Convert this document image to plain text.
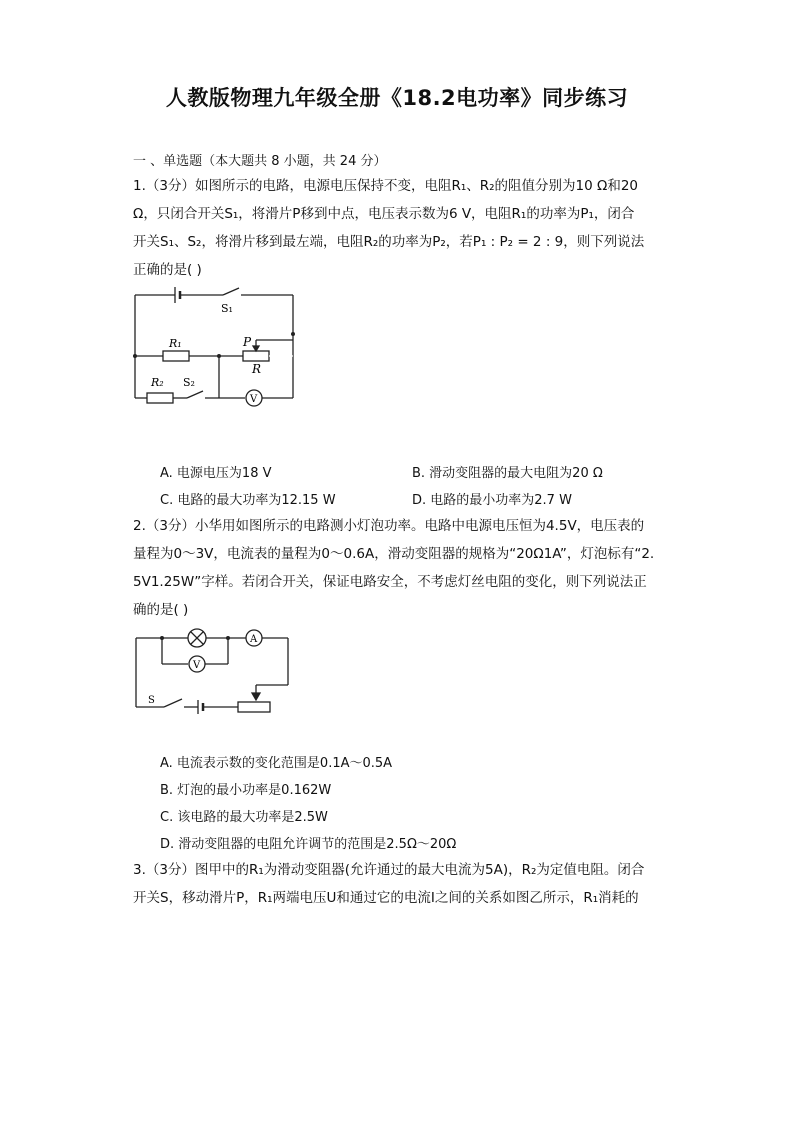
人教版物理九年级全册《18.2电功率》同步练习
一 、单选题（本大题共 8 小题，共 24 分）
1.（3分）如图所示的电路，电源电压保持不变，电阻R₁、R₂的阻值分别为10 Ω和20
Ω，只闭合开关S₁，将滑片P移到中点，电压表示数为6 V，电阻R₁的功率为P₁，闭合
开关S₁、S₂，将滑片移到最左端，电阻R₂的功率为P₂，若P₁ : P₂ = 2 : 9，则下列说法
正确的是( )
S₁
R₁	P
R
R₂ S₂
V
A. 电源电压为18 V	B. 滑动变阻器的最大电阻为20 Ω
C. 电路的最大功率为12.15 W	D. 电路的最小功率为2.7 W
2.（3分）小华用如图所示的电路测小灯泡功率。电路中电源电压恒为4.5V，电压表的
量程为0～3V，电流表的量程为0～0.6A，滑动变阻器的规格为“20Ω1A”，灯泡标有“2.
5V1.25W”字样。若闭合开关，保证电路安全，不考虑灯丝电阻的变化，则下列说法正
确的是( )
A
V
S
A. 电流表示数的变化范围是0.1A～0.5A
B. 灯泡的最小功率是0.162W
C. 该电路的最大功率是2.5W
D. 滑动变阻器的电阻允许调节的范围是2.5Ω～20Ω
3.（3分）图甲中的R₁为滑动变阻器(允许通过的最大电流为5A)，R₂为定值电阻。闭合
开关S，移动滑片P，R₁两端电压U和通过它的电流I之间的关系如图乙所示，R₁消耗的
